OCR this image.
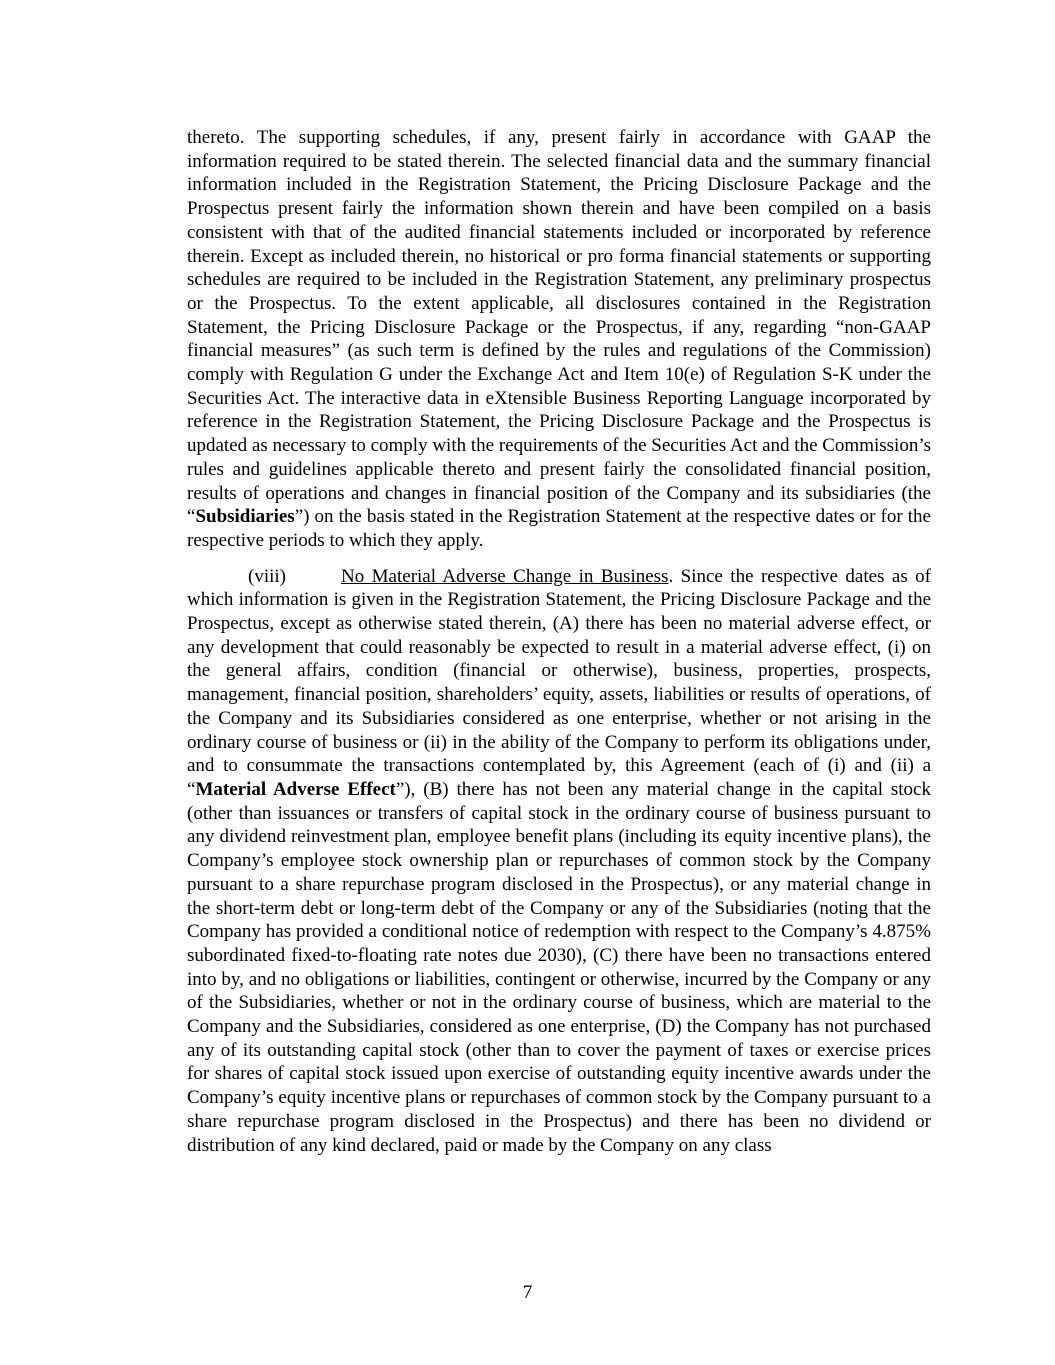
thereto. The supporting schedules, if any, present fairly in accordance with GAAP the information required to be stated therein. The selected financial data and the summary financial information included in the Registration Statement, the Pricing Disclosure Package and the Prospectus present fairly the information shown therein and have been compiled on a basis consistent with that of the audited financial statements included or incorporated by reference therein. Except as included therein, no historical or pro forma financial statements or supporting schedules are required to be included in the Registration Statement, any preliminary prospectus or the Prospectus. To the extent applicable, all disclosures contained in the Registration Statement, the Pricing Disclosure Package or the Prospectus, if any, regarding “non-GAAP financial measures” (as such term is defined by the rules and regulations of the Commission) comply with Regulation G under the Exchange Act and Item 10(e) of Regulation S-K under the Securities Act. The interactive data in eXtensible Business Reporting Language incorporated by reference in the Registration Statement, the Pricing Disclosure Package and the Prospectus is updated as necessary to comply with the requirements of the Securities Act and the Commission’s rules and guidelines applicable thereto and present fairly the consolidated financial position, results of operations and changes in financial position of the Company and its subsidiaries (the “Subsidiaries”) on the basis stated in the Registration Statement at the respective dates or for the respective periods to which they apply.

(viii)	No Material Adverse Change in Business. Since the respective dates as of which information is given in the Registration Statement, the Pricing Disclosure Package and the Prospectus, except as otherwise stated therein, (A) there has been no material adverse effect, or any development that could reasonably be expected to result in a material adverse effect, (i) on the general affairs, condition (financial or otherwise), business, properties, prospects, management, financial position, shareholders’ equity, assets, liabilities or results of operations, of the Company and its Subsidiaries considered as one enterprise, whether or not arising in the ordinary course of business or (ii) in the ability of the Company to perform its obligations under, and to consummate the transactions contemplated by, this Agreement (each of (i) and (ii) a “Material Adverse Effect”), (B) there has not been any material change in the capital stock (other than issuances or transfers of capital stock in the ordinary course of business pursuant to any dividend reinvestment plan, employee benefit plans (including its equity incentive plans), the Company’s employee stock ownership plan or repurchases of common stock by the Company pursuant to a share repurchase program disclosed in the Prospectus), or any material change in the short-term debt or long-term debt of the Company or any of the Subsidiaries (noting that the Company has provided a conditional notice of redemption with respect to the Company’s 4.875% subordinated fixed-to-floating rate notes due 2030), (C) there have been no transactions entered into by, and no obligations or liabilities, contingent or otherwise, incurred by the Company or any of the Subsidiaries, whether or not in the ordinary course of business, which are material to the Company and the Subsidiaries, considered as one enterprise, (D) the Company has not purchased any of its outstanding capital stock (other than to cover the payment of taxes or exercise prices for shares of capital stock issued upon exercise of outstanding equity incentive awards under the Company’s equity incentive plans or repurchases of common stock by the Company pursuant to a share repurchase program disclosed in the Prospectus) and there has been no dividend or distribution of any kind declared, paid or made by the Company on any class

7
